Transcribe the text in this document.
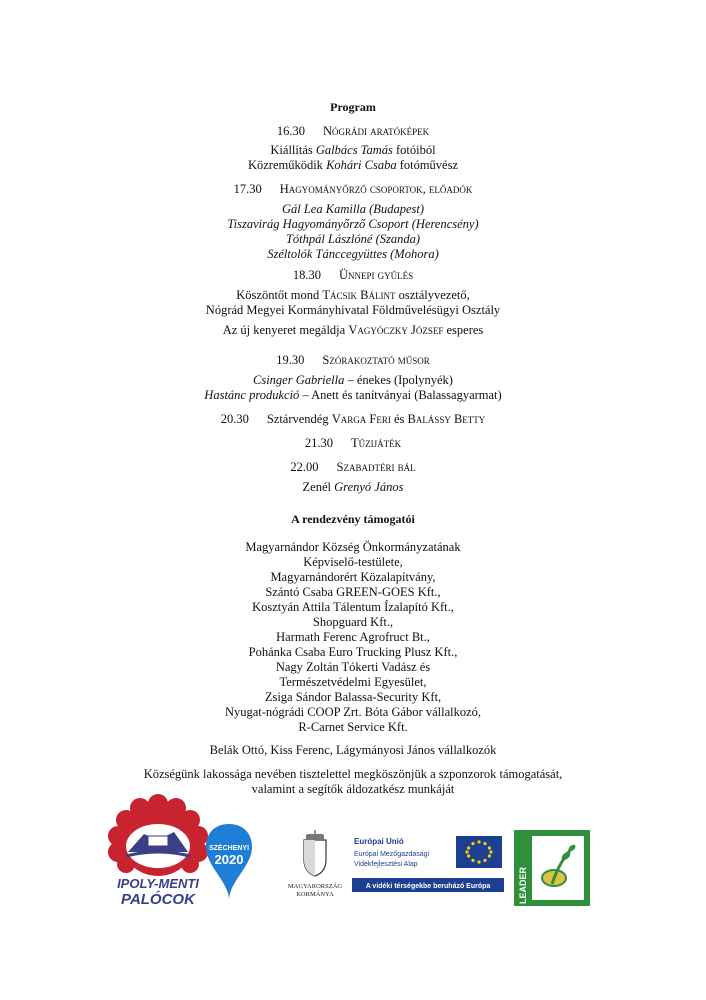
Program
16.30 Nógrádi aratóképek
Kiállítás Galbács Tamás fotóiból
Közreműködik Kohári Csaba fotóművész
17.30 Hagyományőrző csoportok, előadók
Gál Lea Kamilla (Budapest)
Tiszavirág Hagyományőrző Csoport (Herencsény)
Tóthpál Lászlóné (Szanda)
Széltolók Tánccegyüttes (Mohora)
18.30 Ünnepi gyűlés
Köszöntőt mond Tácsik Bálint osztályvezető,
Nógrád Megyei Kormányhivatal Földművelésügyi Osztály
Az új kenyeret megáldja Vagyóczky József esperes
19.30 Szórakoztató műsor
Csinger Gabriella – énekes (Ipolynyék)
Hastánc produkció – Anett és tanítványai (Balassagyarmat)
20.30 Sztárvendég Varga Feri és Balássy Betty
21.30 Tűzijáték
22.00 Szabadtéri bál
Zenél Grenyó János
A rendezvény támogatói
Magyarnándor Község Önkormányzatának
Képviselő-testülete,
Magyarnándorért Közalapítvány,
Szántó Csaba GREEN-GOES Kft.,
Kosztyán Attila Tálentum Ízalapító Kft.,
Shopguard Kft.,
Harmath Ferenc Agrofruct Bt.,
Pohánka Csaba Euro Trucking Plusz Kft.,
Nagy Zoltán Tókerti Vadász és
Természetvédelmi Egyesület,
Zsiga Sándor Balassa-Security Kft,
Nyugat-nógrádi COOP Zrt. Bóta Gábor vállalkozó,
R-Carnet Service Kft.
Belák Ottó, Kiss Ferenc, Lágymányosi János vállalkozók
Községünk lakossága nevében tisztelettel megköszönjük a szponzorok támogatását,
valamint a segítők áldozatkész munkáját
IPOLY-MENTI
PALÓCOK
SZÉCHENYI
2020
MAGYARORSZÁG
KORMÁNYA
Európai Unió
Európai Mezőgazdasági
Vidékfejlesztési Alap
A vidéki térségekbe beruházó Európa	LEADER
